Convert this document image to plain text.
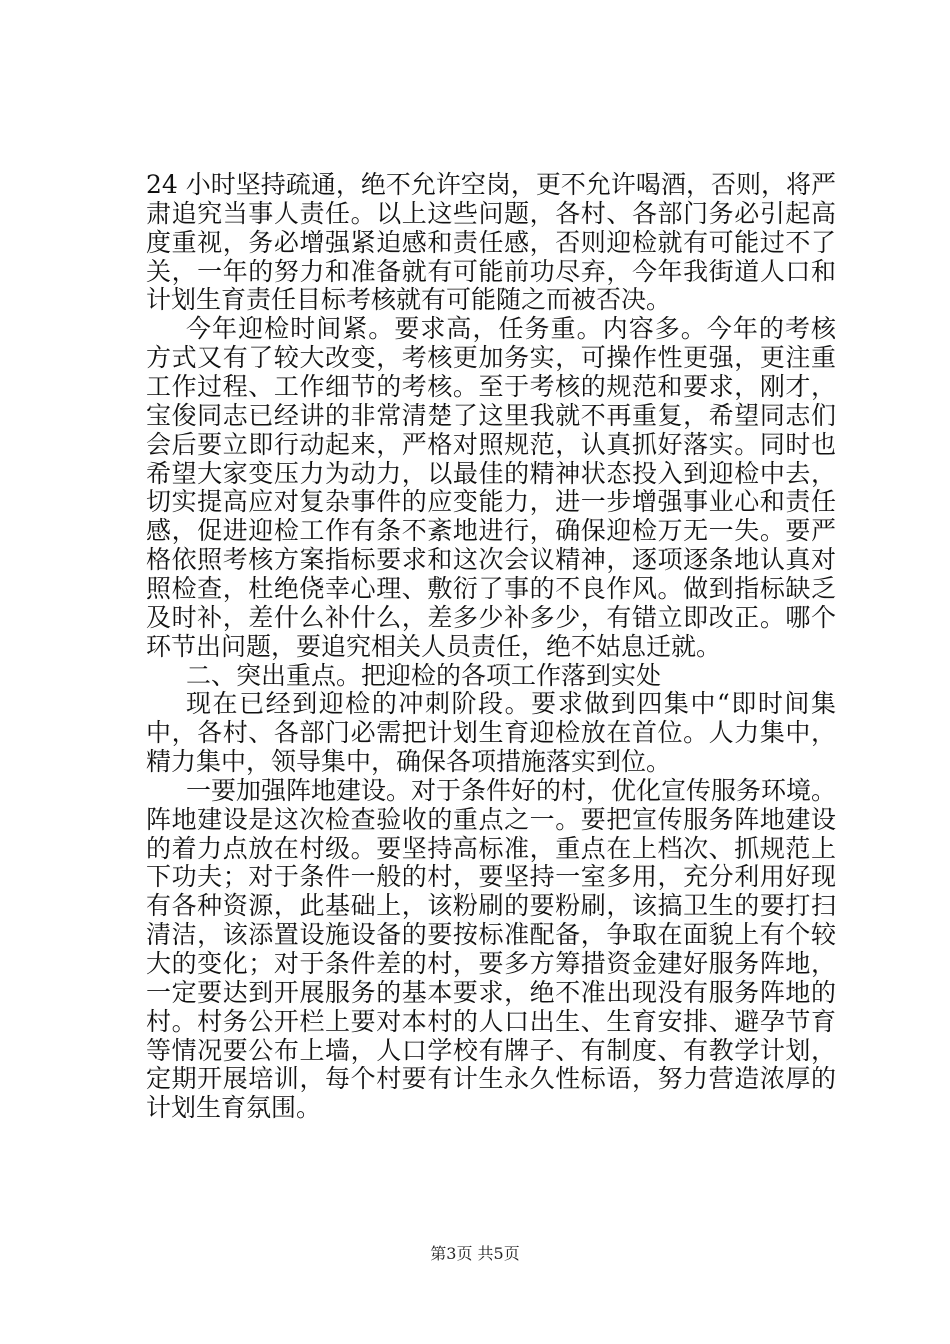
24 小时坚持疏通，绝不允许空岗，更不允许喝酒，否则，将严
肃追究当事人责任。以上这些问题，各村、各部门务必引起高
度重视，务必增强紧迫感和责任感，否则迎检就有可能过不了
关，一年的努力和准备就有可能前功尽弃，今年我街道人口和
计划生育责任目标考核就有可能随之而被否决。
今年迎检时间紧。要求高，任务重。内容多。今年的考核
方式又有了较大改变，考核更加务实，可操作性更强，更注重
工作过程、工作细节的考核。至于考核的规范和要求，刚才，
宝俊同志已经讲的非常清楚了这里我就不再重复，希望同志们
会后要立即行动起来，严格对照规范，认真抓好落实。同时也
希望大家变压力为动力，以最佳的精神状态投入到迎检中去，
切实提高应对复杂事件的应变能力，进一步增强事业心和责任
感，促进迎检工作有条不紊地进行，确保迎检万无一失。要严
格依照考核方案指标要求和这次会议精神，逐项逐条地认真对
照检查，杜绝侥幸心理、敷衍了事的不良作风。做到指标缺乏
及时补，差什么补什么，差多少补多少，有错立即改正。哪个
环节出问题，要追究相关人员责任，绝不姑息迁就。
二、突出重点。把迎检的各项工作落到实处
现在已经到迎检的冲刺阶段。要求做到四集中“即时间集
中，各村、各部门必需把计划生育迎检放在首位。人力集中，
精力集中，领导集中，确保各项措施落实到位。
一要加强阵地建设。对于条件好的村，优化宣传服务环境。
阵地建设是这次检查验收的重点之一。要把宣传服务阵地建设
的着力点放在村级。要坚持高标准，重点在上档次、抓规范上
下功夫；对于条件一般的村，要坚持一室多用，充分利用好现
有各种资源，此基础上，该粉刷的要粉刷，该搞卫生的要打扫
清洁，该添置设施设备的要按标准配备，争取在面貌上有个较
大的变化；对于条件差的村，要多方筹措资金建好服务阵地，
一定要达到开展服务的基本要求，绝不准出现没有服务阵地的
村。村务公开栏上要对本村的人口出生、生育安排、避孕节育
等情况要公布上墙，人口学校有牌子、有制度、有教学计划，
定期开展培训，每个村要有计生永久性标语，努力营造浓厚的
计划生育氛围。
第3页 共5页
